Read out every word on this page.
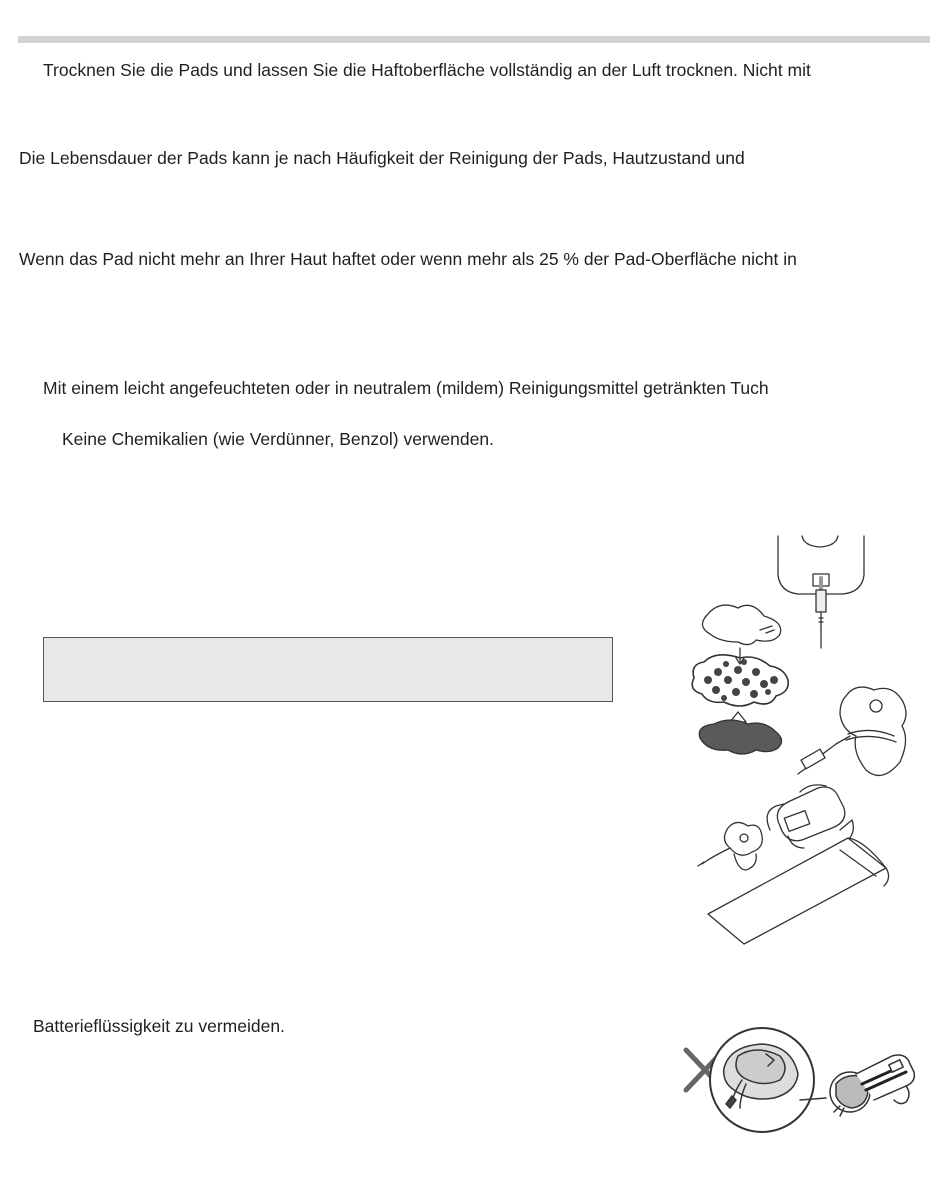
Trocknen Sie die Pads und lassen Sie die Haftoberfläche vollständig an der Luft trocknen. Nicht mit
Die Lebensdauer der Pads kann je nach Häufigkeit der Reinigung der Pads, Hautzustand und
Wenn das Pad nicht mehr an Ihrer Haut haftet oder wenn mehr als 25 % der Pad-Oberfläche nicht in
Mit einem leicht angefeuchteten oder in neutralem (mildem) Reinigungsmittel getränkten Tuch
Keine Chemikalien (wie Verdünner, Benzol) verwenden.
Batterieflüssigkeit zu vermeiden.
